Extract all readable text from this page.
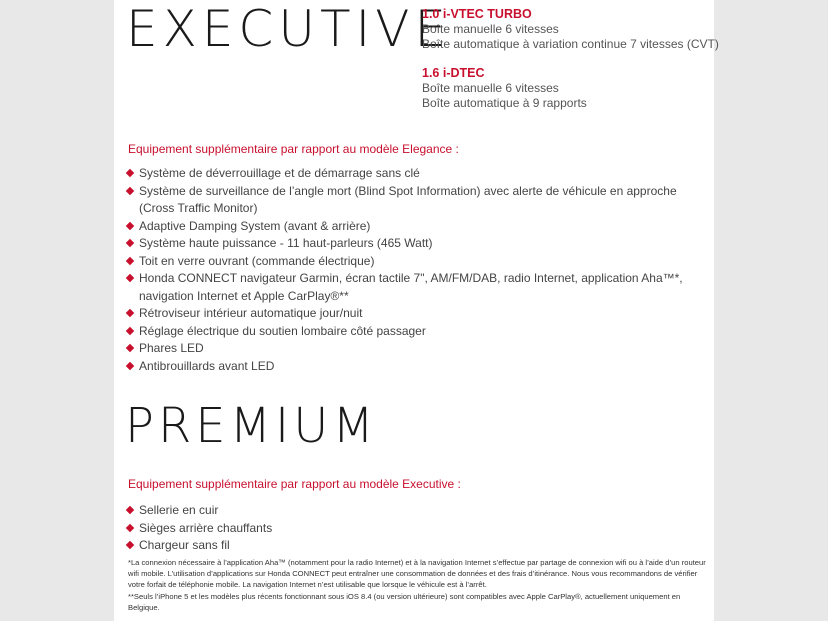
EXECUTIVE
1.0 i-VTEC TURBO
Boîte manuelle 6 vitesses
Boîte automatique à variation continue 7 vitesses (CVT)
1.6 i-DTEC
Boîte manuelle 6 vitesses
Boîte automatique à 9 rapports
Equipement supplémentaire par rapport au modèle Elegance :
Système de déverrouillage et de démarrage sans clé
Système de surveillance de l’angle mort (Blind Spot Information) avec alerte de véhicule en approche
(Cross Traffic Monitor)
Adaptive Damping System (avant & arrière)
Système haute puissance - 11 haut-parleurs (465 Watt)
Toit en verre ouvrant (commande électrique)
Honda CONNECT navigateur Garmin, écran tactile 7", AM/FM/DAB, radio Internet, application Aha™*,
navigation Internet et Apple CarPlay®**
Rétroviseur intérieur automatique jour/nuit
Réglage électrique du soutien lombaire côté passager
Phares LED
Antibrouillards avant LED
PREMIUM
Equipement supplémentaire par rapport au modèle Executive :
Sellerie en cuir
Sièges arrière chauffants
Chargeur sans fil
*La connexion nécessaire à l’application Aha™ (notamment pour la radio Internet) et à la navigation Internet s’effectue par partage de connexion wifi ou à l’aide d’un routeur wifi mobile. L’utilisation d’applications sur Honda CONNECT peut entraîner une consommation de données et des frais d’itinérance. Nous vous recommandons de vérifier votre forfait de téléphonie mobile. La navigation Internet n’est utilisable que lorsque le véhicule est à l’arrêt.
**Seuls l’iPhone 5 et les modèles plus récents fonctionnant sous iOS 8.4 (ou version ultérieure) sont compatibles avec Apple CarPlay®, actuellement uniquement en Belgique.
